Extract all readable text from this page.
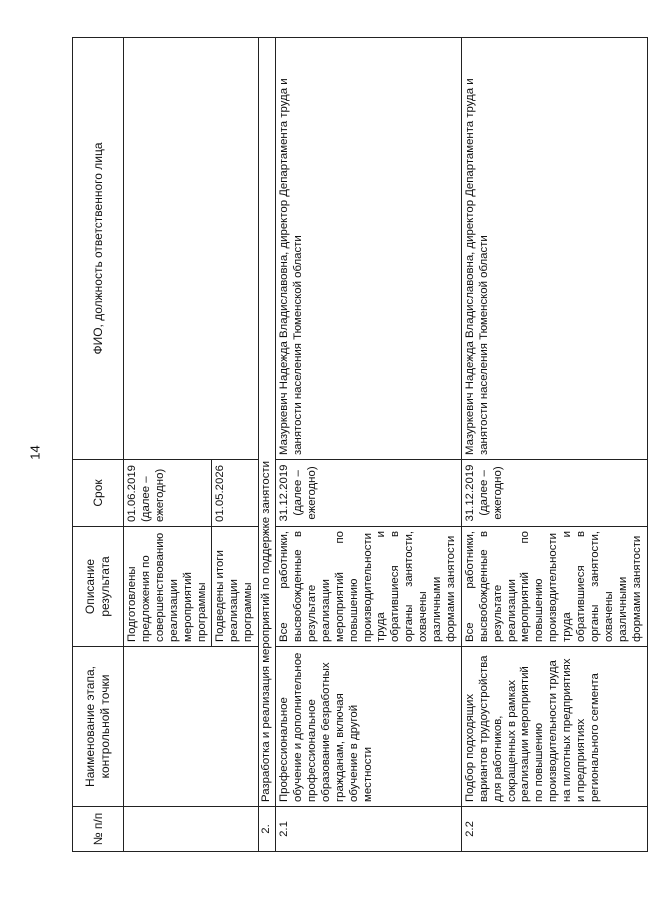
14
№ п/п	Наименование этапа, контрольной точки	Описание результата	Срок	ФИО, должность ответственного лица
		Подготовлены предложения по совершенствованию реализации мероприятий программы	01.06.2019 (далее – ежегодно)	
		Подведены итоги реализации программы	01.05.2026	
2.	Разработка и реализация мероприятий по поддержке занятости			
2.1	Профессиональное обучение и дополнительное профессиональное образование безработных гражданам, включая обучение в другой местности	Все работники, высвобожденные в результате реализации мероприятий по повышению производительности труда и обратившиеся в органы занятости, охвачены различными формами занятости	31.12.2019 (далее – ежегодно)	Мазуркевич Надежда Владиславовна, директор Департамента труда и занятости населения Тюменской области
2.2	Подбор подходящих вариантов трудоустройства для работников, сокращенных в рамках реализации мероприятий по повышению производительности труда на пилотных предприятиях и предприятиях регионального сегмента	Все работники, высвобожденные в результате реализации мероприятий по повышению производительности труда и обратившиеся в органы занятости, охвачены различными формами занятости	31.12.2019 (далее – ежегодно)	Мазуркевич Надежда Владиславовна, директор Департамента труда и занятости населения Тюменской области
